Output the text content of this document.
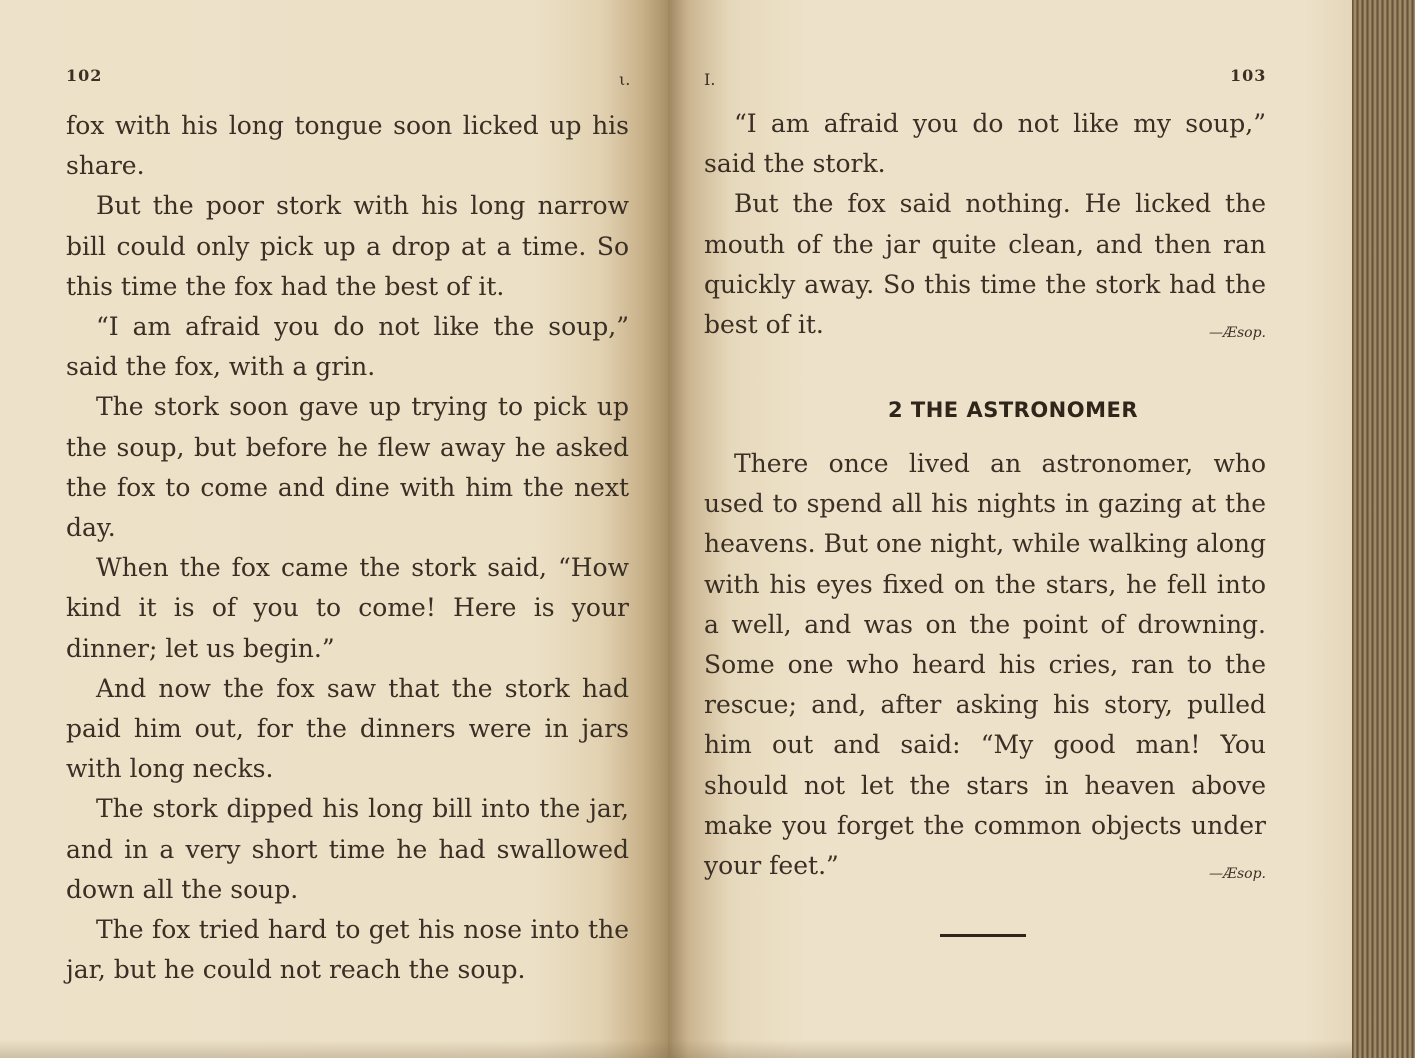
102	ι.

fox with his long tongue soon licked up his share.

But the poor stork with his long narrow bill could only pick up a drop at a time. So this time the fox had the best of it.

“I am afraid you do not like the soup,” said the fox, with a grin.

The stork soon gave up trying to pick up the soup, but before he flew away he asked the fox to come and dine with him the next day.

When the fox came the stork said, “How kind it is of you to come! Here is your dinner; let us begin.”

And now the fox saw that the stork had paid him out, for the dinners were in jars with long necks.

The stork dipped his long bill into the jar, and in a very short time he had swallowed down all the soup.

The fox tried hard to get his nose into the jar, but he could not reach the soup.

I.	103

“I am afraid you do not like my soup,” said the stork.

But the fox said nothing. He licked the mouth of the jar quite clean, and then ran quickly away. So this time the stork had the best of it.	—Æsop.

2 THE ASTRONOMER

There once lived an astronomer, who used to spend all his nights in gazing at the heavens. But one night, while walking along with his eyes fixed on the stars, he fell into a well, and was on the point of drowning. Some one who heard his cries, ran to the rescue; and, after asking his story, pulled him out and said: “My good man! You should not let the stars in heaven above make you forget the common objects under your feet.”	—Æsop.
